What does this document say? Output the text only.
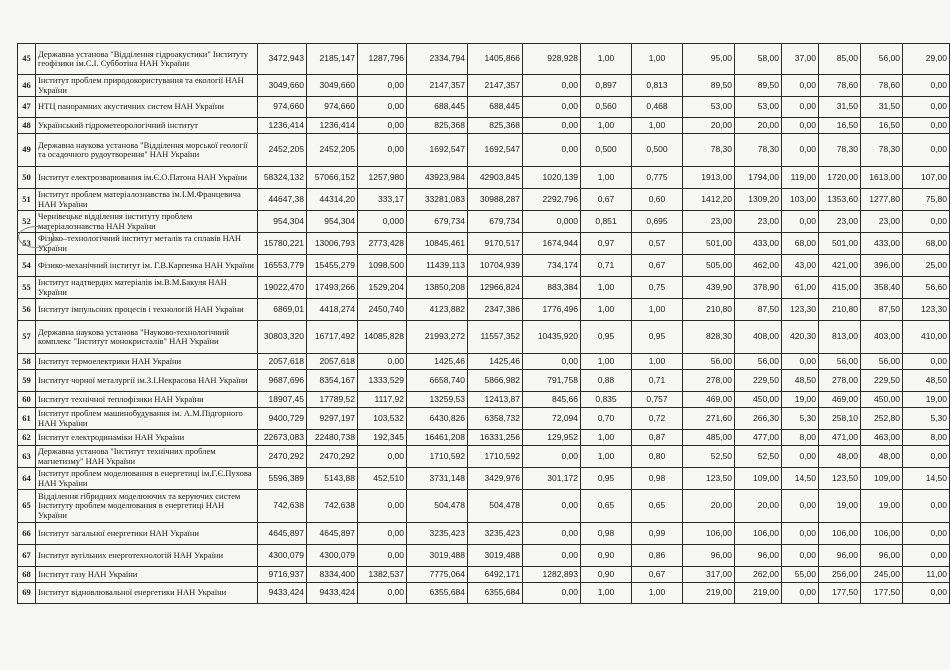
45	Державна установа "Відділення гідроакустики" Інституту геофізики ім.С.І. Субботіна НАН України	3472,943	2185,147	1287,796	2334,794	1405,866	928,928	1,00	1,00	95,00	58,00	37,00	85,00	56,00	29,00
46	Інститут проблем природокористування та екології НАН України	3049,660	3049,660	0,00	2147,357	2147,357	0,00	0,897	0,813	89,50	89,50	0,00	78,60	78,60	0,00
47	НТЦ панорамних акустичних систем НАН України	974,660	974,660	0,00	688,445	688,445	0,00	0,560	0,468	53,00	53,00	0,00	31,50	31,50	0,00
48	Український гідрометеорологічний інститут	1236,414	1236,414	0,00	825,368	825,368	0,00	1,00	1,00	20,00	20,00	0,00	16,50	16,50	0,00
49	Державна наукова установа "Відділення морської геології та осадочного рудоутворення" НАН України	2452,205	2452,205	0,00	1692,547	1692,547	0,00	0,500	0,500	78,30	78,30	0,00	78,30	78,30	0,00
50	Інститут електрозварювання ім.Є.О.Патона НАН України	58324,132	57066,152	1257,980	43923,984	42903,845	1020,139	1,00	0,775	1913,00	1794,00	119,00	1720,00	1613,00	107,00
51	Інститут проблем матеріалознавства ім.І.М.Францевича НАН України	44647,38	44314,20	333,17	33281,083	30988,287	2292,796	0,67	0,60	1412,20	1309,20	103,00	1353,60	1277,80	75,80
52	Чернівецьке відділення інституту проблем матеріалознавства НАН України	954,304	954,304	0,000	679,734	679,734	0,000	0,851	0,695	23,00	23,00	0,00	23,00	23,00	0,00
53	Фізико–технологічний інститут металів та сплавів НАН України	15780,221	13006,793	2773,428	10845,461	9170,517	1674,944	0,97	0,57	501,00	433,00	68,00	501,00	433,00	68,00
54	Фізико-механічний інститут ім. Г.В.Карпенка НАН України	16553,779	15455,279	1098,500	11439,113	10704,939	734,174	0,71	0,67	505,00	462,00	43,00	421,00	396,00	25,00
55	Інститут надтвердих матеріалів ім.В.М.Бакуля НАН України	19022,470	17493,266	1529,204	13850,208	12966,824	883,384	1,00	0,75	439,90	378,90	61,00	415,00	358,40	56,60
56	Інститут імпульсних процесів і технологій НАН України	6869,01	4418,274	2450,740	4123,882	2347,386	1776,496	1,00	1,00	210,80	87,50	123,30	210,80	87,50	123,30
57	Державна наукова установа "Науково-технологічний комплекс "Інститут монокристалів" НАН України	30803,320	16717,492	14085,828	21993,272	11557,352	10435,920	0,95	0,95	828,30	408,00	420,30	813,00	403,00	410,00
58	Інститут термоелектрики НАН України	2057,618	2057,618	0,00	1425,46	1425,46	0,00	1,00	1,00	56,00	56,00	0,00	56,00	56,00	0,00
59	Інститут чорної металургії ім.З.І.Некрасова НАН України	9687,696	8354,167	1333,529	6658,740	5866,982	791,758	0,88	0,71	278,00	229,50	48,50	278,00	229,50	48,50
60	Інститут технічної теплофізики НАН України	18907,45	17789,52	1117,92	13259,53	12413,87	845,66	0,835	0,757	469,00	450,00	19,00	469,00	450,00	19,00
61	Інститут проблем машинобудування ім. А.М.Підгорного НАН України	9400,729	9297,197	103,532	6430,826	6358,732	72,094	0,70	0,72	271,60	266,30	5,30	258,10	252,80	5,30
62	Інститут електродинаміки НАН України	22673,083	22480,738	192,345	16461,208	16331,256	129,952	1,00	0,87	485,00	477,00	8,00	471,00	463,00	8,00
63	Державна установа "Інститут технічних проблем магнетизму" НАН України	2470,292	2470,292	0,00	1710,592	1710,592	0,00	1,00	0,80	52,50	52,50	0,00	48,00	48,00	0,00
64	Інститут проблем моделювання в енергетиці ім.Г.Є.Пухова НАН України	5596,389	5143,88	452,510	3731,148	3429,976	301,172	0,95	0,98	123,50	109,00	14,50	123,50	109,00	14,50
65	Відділення гібридних моделюючих та керуючих систем Інституту проблем моделювання в енергетиці НАН України	742,638	742,638	0,00	504,478	504,478	0,00	0,65	0,65	20,00	20,00	0,00	19,00	19,00	0,00
66	Інститут загальної енергетики НАН України	4645,897	4645,897	0,00	3235,423	3235,423	0,00	0,98	0,99	106,00	106,00	0,00	106,00	106,00	0,00
67	Інститут вугільних енерготехнологій НАН України	4300,079	4300,079	0,00	3019,488	3019,488	0,00	0,90	0,86	96,00	96,00	0,00	96,00	96,00	0,00
68	Інститут газу НАН України	9716,937	8334,400	1382,537	7775,064	6492,171	1282,893	0,90	0,67	317,00	262,00	55,00	256,00	245,00	11,00
69	Інститут відновлювальної енергетики НАН України	9433,424	9433,424	0,00	6355,684	6355,684	0,00	1,00	1,00	219,00	219,00	0,00	177,50	177,50	0,00
